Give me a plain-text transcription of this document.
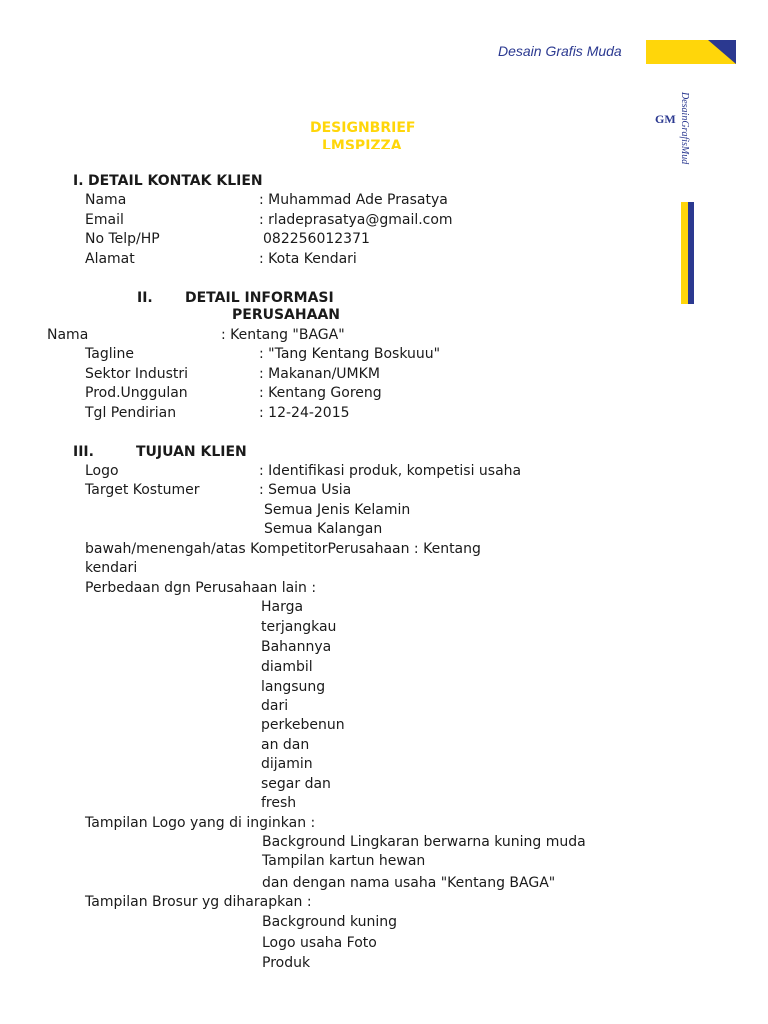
Desain Grafis Muda
DesainGrafisMud
GM
DESIGNBRIEF
LMSPIZZA
I. DETAIL KONTAK KLIEN
Nama	: Muhammad Ade Prasatya
Email	: rladeprasatya@gmail.com
No Telp/HP	082256012371
Alamat	: Kota Kendari
II. DETAIL INFORMASI
PERUSAHAAN
Nama	: Kentang "BAGA"
Tagline	: "Tang Kentang Boskuuu"
Sektor Industri	: Makanan/UMKM
Prod.Unggulan	: Kentang Goreng
Tgl Pendirian	: 12-24-2015
III.	TUJUAN KLIEN
Logo	: Identifikasi produk, kompetisi usaha
Target Kostumer	: Semua Usia
Semua Jenis Kelamin
Semua Kalangan
bawah/menengah/atas KompetitorPerusahaan : Kentang
kendari
Perbedaan dgn Perusahaan lain :
Harga
terjangkau
Bahannya
diambil
langsung
dari
perkebenun
an dan
dijamin
segar dan
fresh
Tampilan Logo yang di inginkan :
Background Lingkaran berwarna kuning muda
Tampilan kartun hewan
dan dengan nama usaha "Kentang BAGA"
Tampilan Brosur yg diharapkan :
Background kuning
Logo usaha Foto
Produk
